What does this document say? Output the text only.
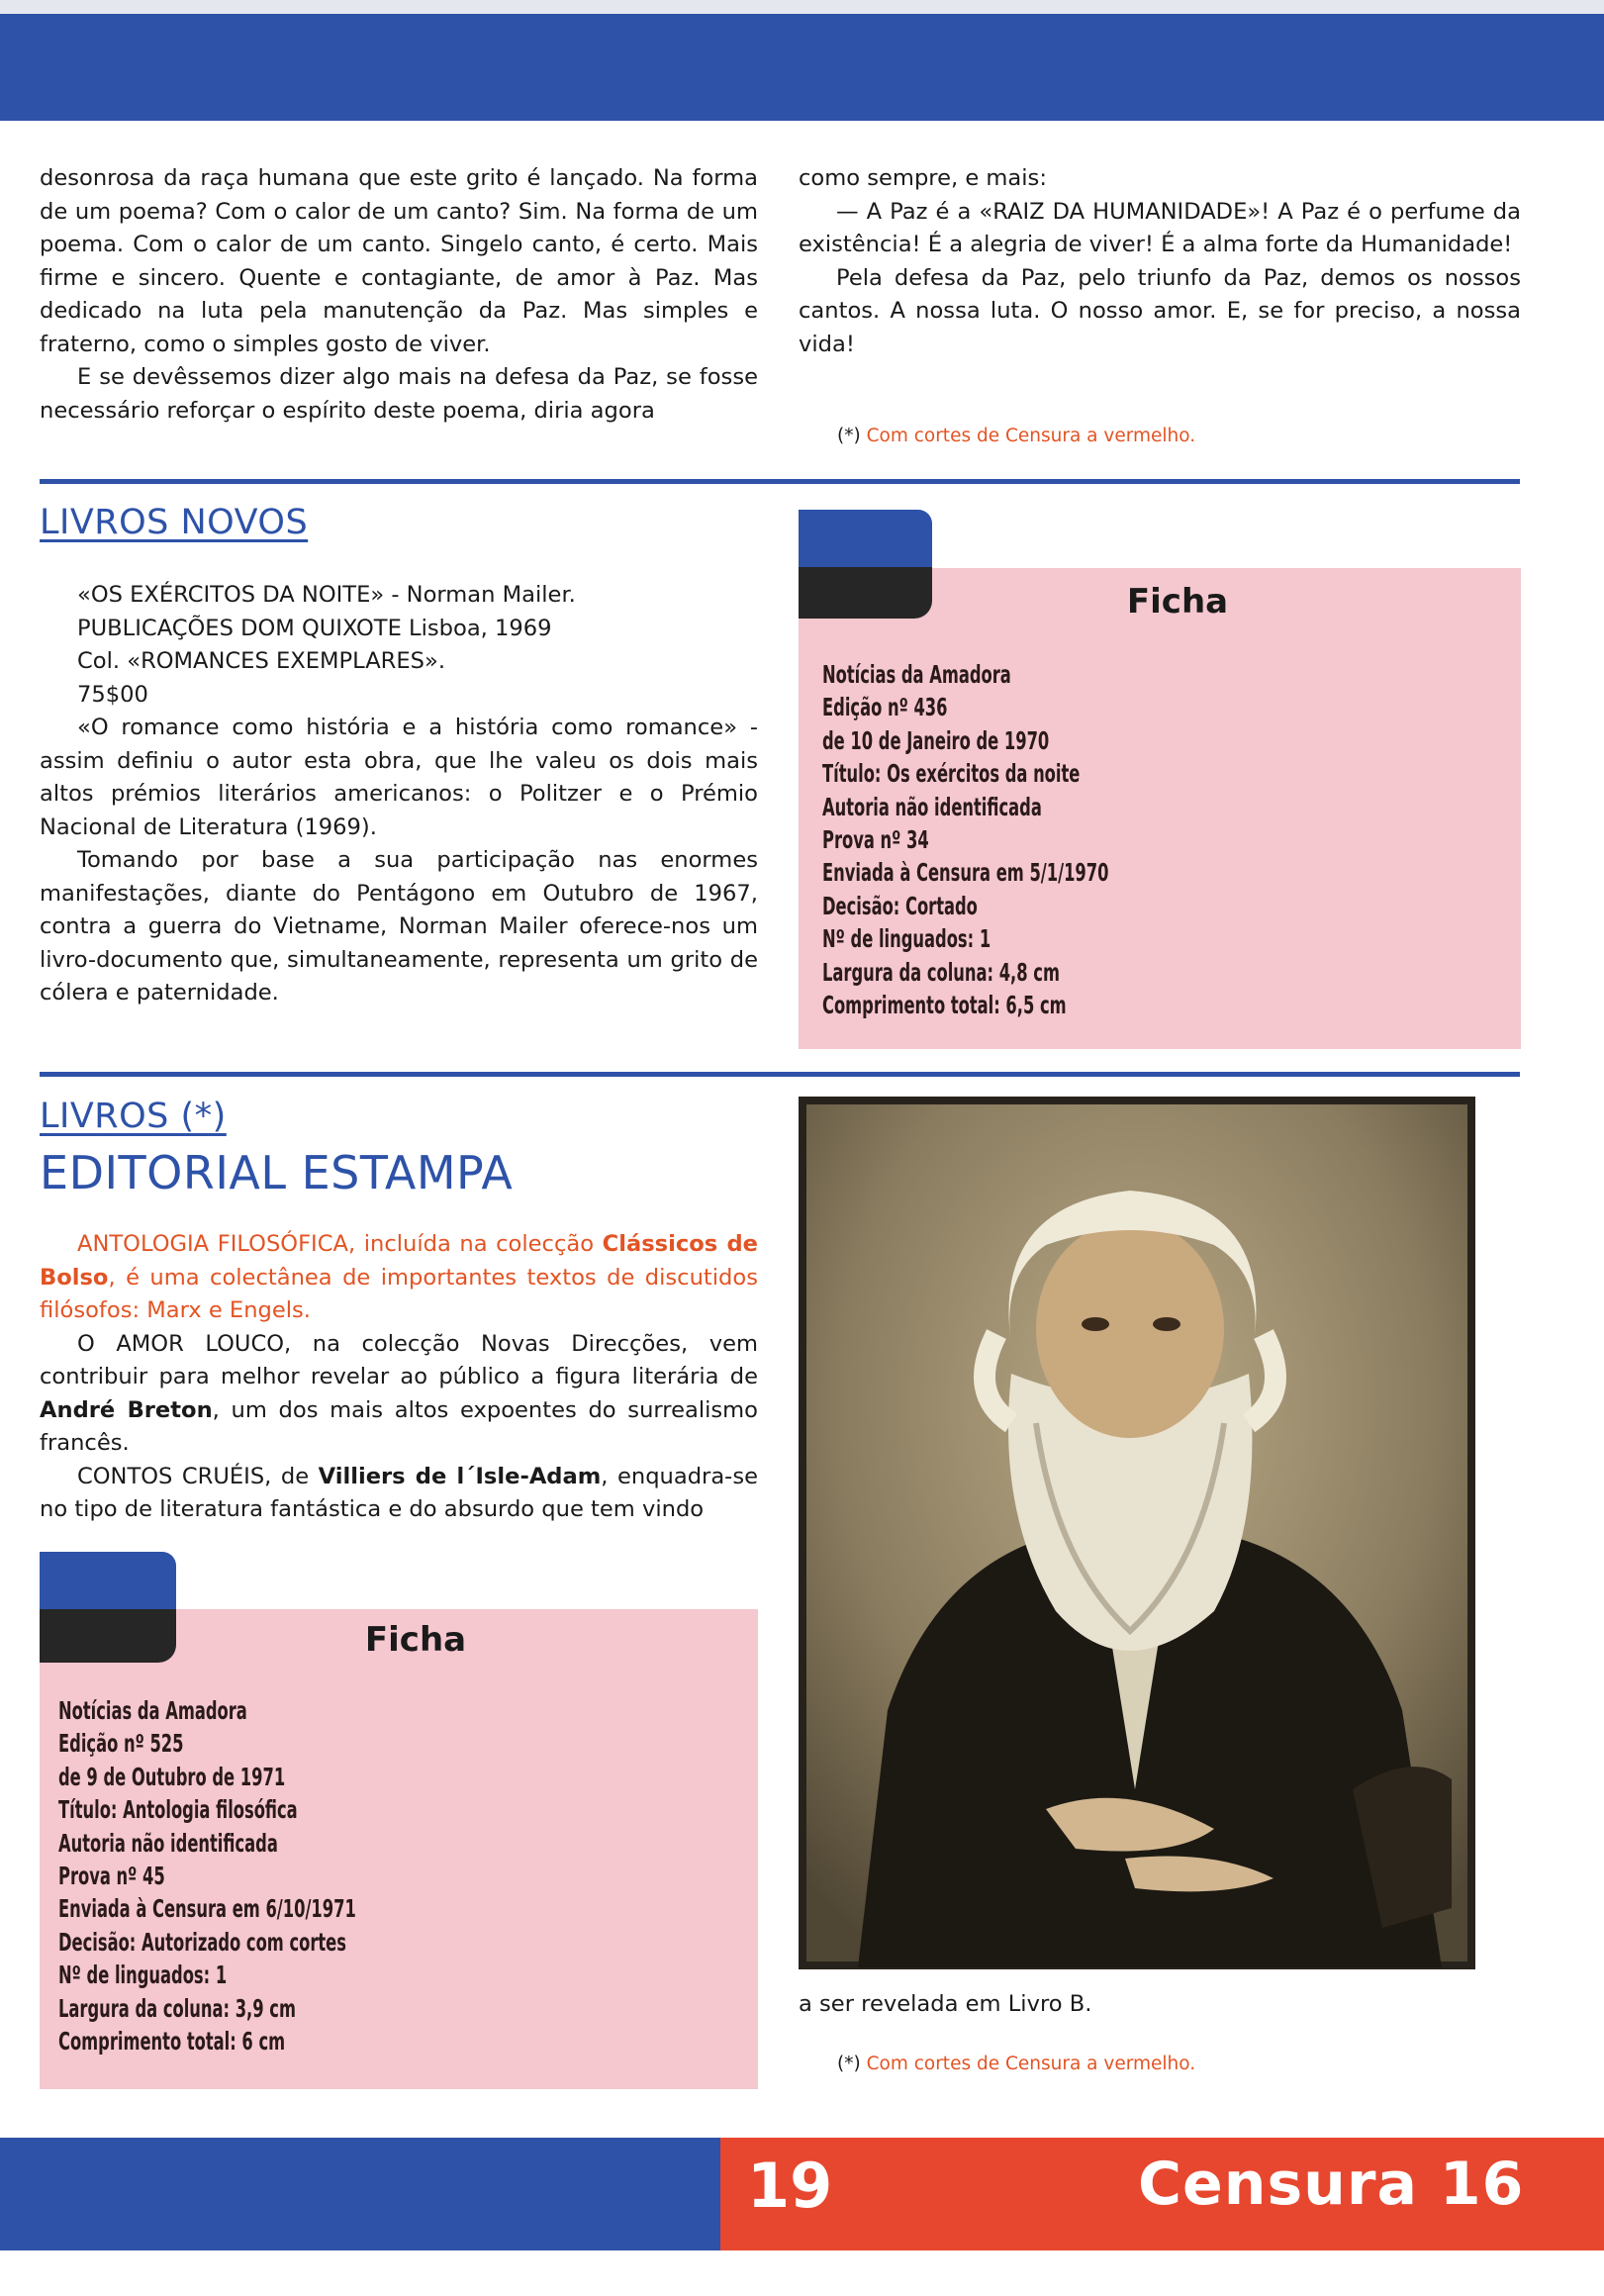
desonrosa da raça humana que este grito é lançado. Na forma de um poema? Com o calor de um canto? Sim. Na forma de um poema. Com o calor de um canto. Singelo canto, é certo. Mais firme e sincero. Quente e contagiante, de amor à Paz. Mas dedicado na luta pela manutenção da Paz. Mas simples e fraterno, como o simples gosto de viver.

E se devêssemos dizer algo mais na defesa da Paz, se fosse necessário reforçar o espírito deste poema, diria agora

como sempre, e mais:

— A Paz é a «RAIZ DA HUMANIDADE»! A Paz é o perfume da existência! É a alegria de viver! É a alma forte da Humanidade!

Pela defesa da Paz, pelo triunfo da Paz, demos os nossos cantos. A nossa luta. O nosso amor. E, se for preciso, a nossa vida!

(*) Com cortes de Censura a vermelho.
LIVROS NOVOS
«OS EXÉRCITOS DA NOITE» - Norman Mailer.
PUBLICAÇÕES DOM QUIXOTE Lisboa, 1969
Col. «ROMANCES EXEMPLARES».
75$00

«O romance como história e a história como romance» - assim definiu o autor esta obra, que lhe valeu os dois mais altos prémios literários americanos: o Politzer e o Prémio Nacional de Literatura (1969).

Tomando por base a sua participação nas enormes manifestações, diante do Pentágono em Outubro de 1967, contra a guerra do Vietname, Norman Mailer oferece-nos um livro-documento que, simultaneamente, representa um grito de cólera e paternidade.

Ficha
Notícias da Amadora
Edição nº 436
de 10 de Janeiro de 1970
Título: Os exércitos da noite
Autoria não identificada
Prova nº 34
Enviada à Censura em 5/1/1970
Decisão: Cortado
Nº de linguados: 1
Largura da coluna: 4,8 cm
Comprimento total: 6,5 cm
LIVROS (*)
EDITORIAL ESTAMPA

ANTOLOGIA FILOSÓFICA, incluída na colecção Clássicos de Bolso, é uma colectânea de importantes textos de discutidos filósofos: Marx e Engels.

O AMOR LOUCO, na colecção Novas Direcções, vem contribuir para melhor revelar ao público a figura literária de André Breton, um dos mais altos expoentes do surrealismo francês.

CONTOS CRUÉIS, de Villiers de l´Isle-Adam, enquadra-se no tipo de literatura fantástica e do absurdo que tem vindo

Ficha
Notícias da Amadora
Edição nº 525
de 9 de Outubro de 1971
Título: Antologia filosófica
Autoria não identificada
Prova nº 45
Enviada à Censura em 6/10/1971
Decisão: Autorizado com cortes
Nº de linguados: 1
Largura da coluna: 3,9 cm
Comprimento total: 6 cm
a ser revelada em Livro B.
(*) Com cortes de Censura a vermelho.
19	Censura 16
